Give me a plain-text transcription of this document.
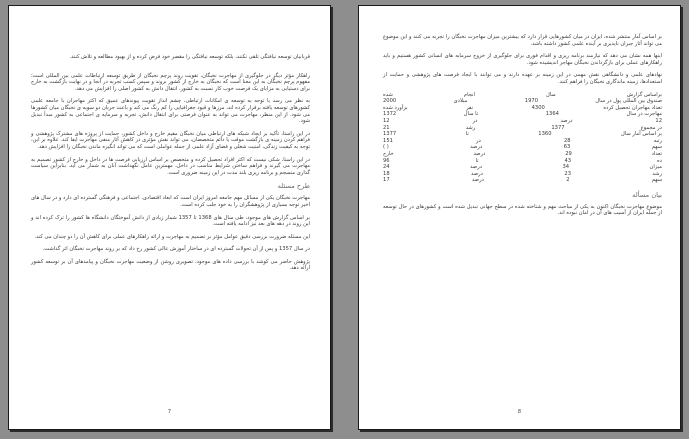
قربانیان توسعه نیافتگی تلقی نکنند، بلکه توسعه نیافتگی را مقصر خود فرض کرده و از بهبود مطالعه و تلاش کنند.

راهکار مؤثر دیگر در جلوگیری از مهاجرت نخبگان، تقویت روند پرچم نخبگان از طریق توسعه ارتباطات علمی بین المللی است؛ مفهوم پرچم نخبگان به این معنا است که نخبگان به خارج از کشور بروند و سپس کسب تجربه در آنجا و در نهایت بازگشت به خارج برای دستیابی به مزایای یک فرصت خوب کار نسبت به کشور، انتقال دانش به کشور اصلی را افزایش می دهد.

به نظر می رسد با توجه به توسعه ی امکانات ارتباطی، چشم انداز تقویت پیوندهای عمیق که اکثر مهاجران با جامعه علمی کشورهای توسعه یافته برقرار کرده اند، مرزها و قیود جغرافیایی را کم رنگ می کند و باعث جریان دو سویه ی نخبگان میان کشورها می شود. از این منظر، مهاجرت می تواند به عنوان فرصتی برای انتقال دانش، تجربه و سرمایه ی اجتماعی به کشور مبدأ تبدیل شود.

در این راستا، تأکید بر ایجاد شبکه های ارتباطی میان نخبگان مقیم خارج و داخل کشور، حمایت از پروژه های مشترک پژوهشی و فراهم کردن زمینه ی بازگشت موقت یا دائم متخصصان، می تواند نقش مؤثری در کاهش آثار منفی مهاجرت ایفا کند. علاوه بر این، توجه به کیفیت زندگی، امنیت شغلی و فضای آزاد علمی از جمله عواملی است که می تواند انگیزه ماندن نخبگان را افزایش دهد.

در این راستا، شکی نیست که اکثر افراد تحصیل کرده و متخصص بر اساس ارزیابی فرصت ها در داخل و خارج از کشور تصمیم به مهاجرت می گیرند و فراهم ساختن شرایط مناسب در داخل، مهمترین عامل نگهداشت آنان به شمار می آید. بنابراین سیاست گذاری منسجم و برنامه ریزی بلند مدت در این زمینه ضروری است.

طرح مسئله

مهاجرت نخبگان یکی از مسائل مهم جامعه امروز ایران است که ابعاد اقتصادی، اجتماعی و فرهنگی گسترده ای دارد و در سال های اخیر توجه بسیاری از پژوهشگران را به خود جلب کرده است.

بر اساس گزارش های موجود، طی سال های 1368 تا 1357 شمار زیادی از دانش آموختگان دانشگاه ها کشور را ترک کرده اند و این روند در دهه های بعد نیز ادامه یافته است.

این مسئله ضرورت بررسی دقیق عوامل مؤثر بر تصمیم به مهاجرت و ارائه راهکارهای عملی برای کاهش آن را دو چندان می کند.

در سال 1357 و پس از آن تحولات گسترده ای در ساختار آموزش عالی کشور رخ داد که بر روند مهاجرت نخبگان اثر گذاشت.

پژوهش حاضر می کوشد با بررسی داده های موجود، تصویری روشن از وضعیت مهاجرت نخبگان و پیامدهای آن بر توسعه کشور ارائه دهد.

7

بر اساس آمار منتشر شده، ایران در میان کشورهایی قرار دارد که بیشترین میزان مهاجرت نخبگان را تجربه می کنند و این موضوع می تواند آثار جبران ناپذیری بر آینده علمی کشور داشته باشد.

اینها همه نشان می دهد که نیازمند برنامه ریزی و اقدام فوری برای جلوگیری از خروج سرمایه های انسانی کشور هستیم و باید راهکارهای عملی برای بازگرداندن نخبگان مهاجر اندیشیده شود.

نهادهای علمی و دانشگاهی نقش مهمی در این زمینه بر عهده دارند و می توانند با ایجاد فرصت های پژوهشی و حمایت از استعدادها، زمینه ماندگاری نخبگان را فراهم کنند.

براساس گزارش
سال
انجام
شده
صندوق بین المللی پول در سال
1970
میلادی
2000
تعداد مهاجران تحصیل کرده
4300
نفر
برآورد شده
مهاجرت در سال
1364
تا سال
1372
12
درصد
در
12
در مجموع
1377
رشد
21
بر اساس آمار سال
1360
تا
1377
رتبه
28
در
151
سهم
63
درصد
( )
تعداد
29
درصد
خارج
ده
43
تا
96
میزان
34
درصد
24
رشد
23
درصد
18
سهم
2
درصد
17
بیان مسأله

موضوع مهاجرت نخبگان اکنون به یکی از مباحث مهم و شناخته شده در سطح جهانی تبدیل شده است و کشورهای در حال توسعه از جمله ایران از آسیب های آن در امان نبوده اند.

8
